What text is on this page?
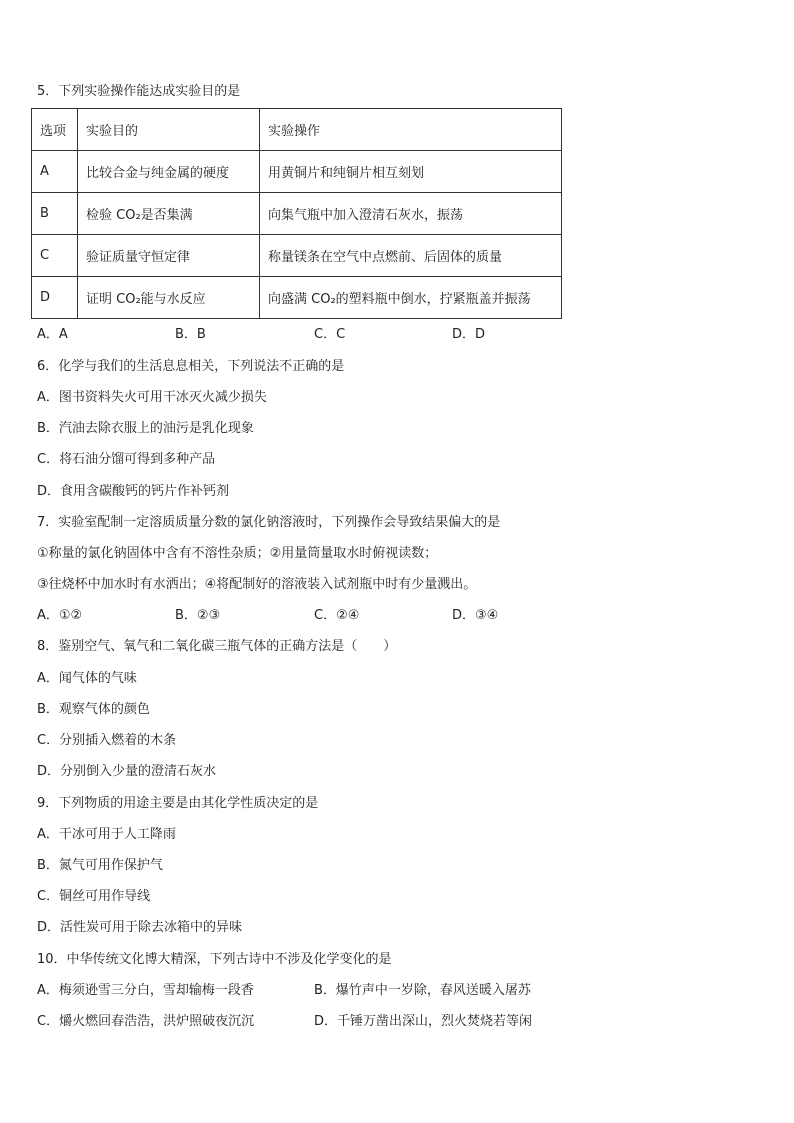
5．下列实验操作能达成实验目的是
选项	实验目的	实验操作
A	比较合金与纯金属的硬度	用黄铜片和纯铜片相互刻划
B	检验 CO₂是否集满	向集气瓶中加入澄清石灰水，振荡
C	验证质量守恒定律	称量镁条在空气中点燃前、后固体的质量
D	证明 CO₂能与水反应	向盛满 CO₂的塑料瓶中倒水，拧紧瓶盖并振荡
A．A	B．B	C．C	D．D
6．化学与我们的生活息息相关，下列说法不正确的是
A．图书资料失火可用干冰灭火减少损失
B．汽油去除衣服上的油污是乳化现象
C．将石油分馏可得到多种产品
D．食用含碳酸钙的钙片作补钙剂
7．实验室配制一定溶质质量分数的氯化钠溶液时，下列操作会导致结果偏大的是
①称量的氯化钠固体中含有不溶性杂质；②用量筒量取水时俯视读数；
③往烧杯中加水时有水洒出；④将配制好的溶液装入试剂瓶中时有少量溅出。
A．①②	B．②③	C．②④	D．③④
8．鉴别空气、氧气和二氧化碳三瓶气体的正确方法是（　　）
A．闻气体的气味
B．观察气体的颜色
C．分别插入燃着的木条
D．分别倒入少量的澄清石灰水
9．下列物质的用途主要是由其化学性质决定的是
A．干冰可用于人工降雨
B．氮气可用作保护气
C．铜丝可用作导线
D．活性炭可用于除去冰箱中的异味
10．中华传统文化博大精深，下列古诗中不涉及化学变化的是
A．梅须逊雪三分白，雪却输梅一段香	B．爆竹声中一岁除，春风送暖入屠苏
C．爝火燃回春浩浩，洪炉照破夜沉沉	D．千锤万凿出深山，烈火焚烧若等闲
